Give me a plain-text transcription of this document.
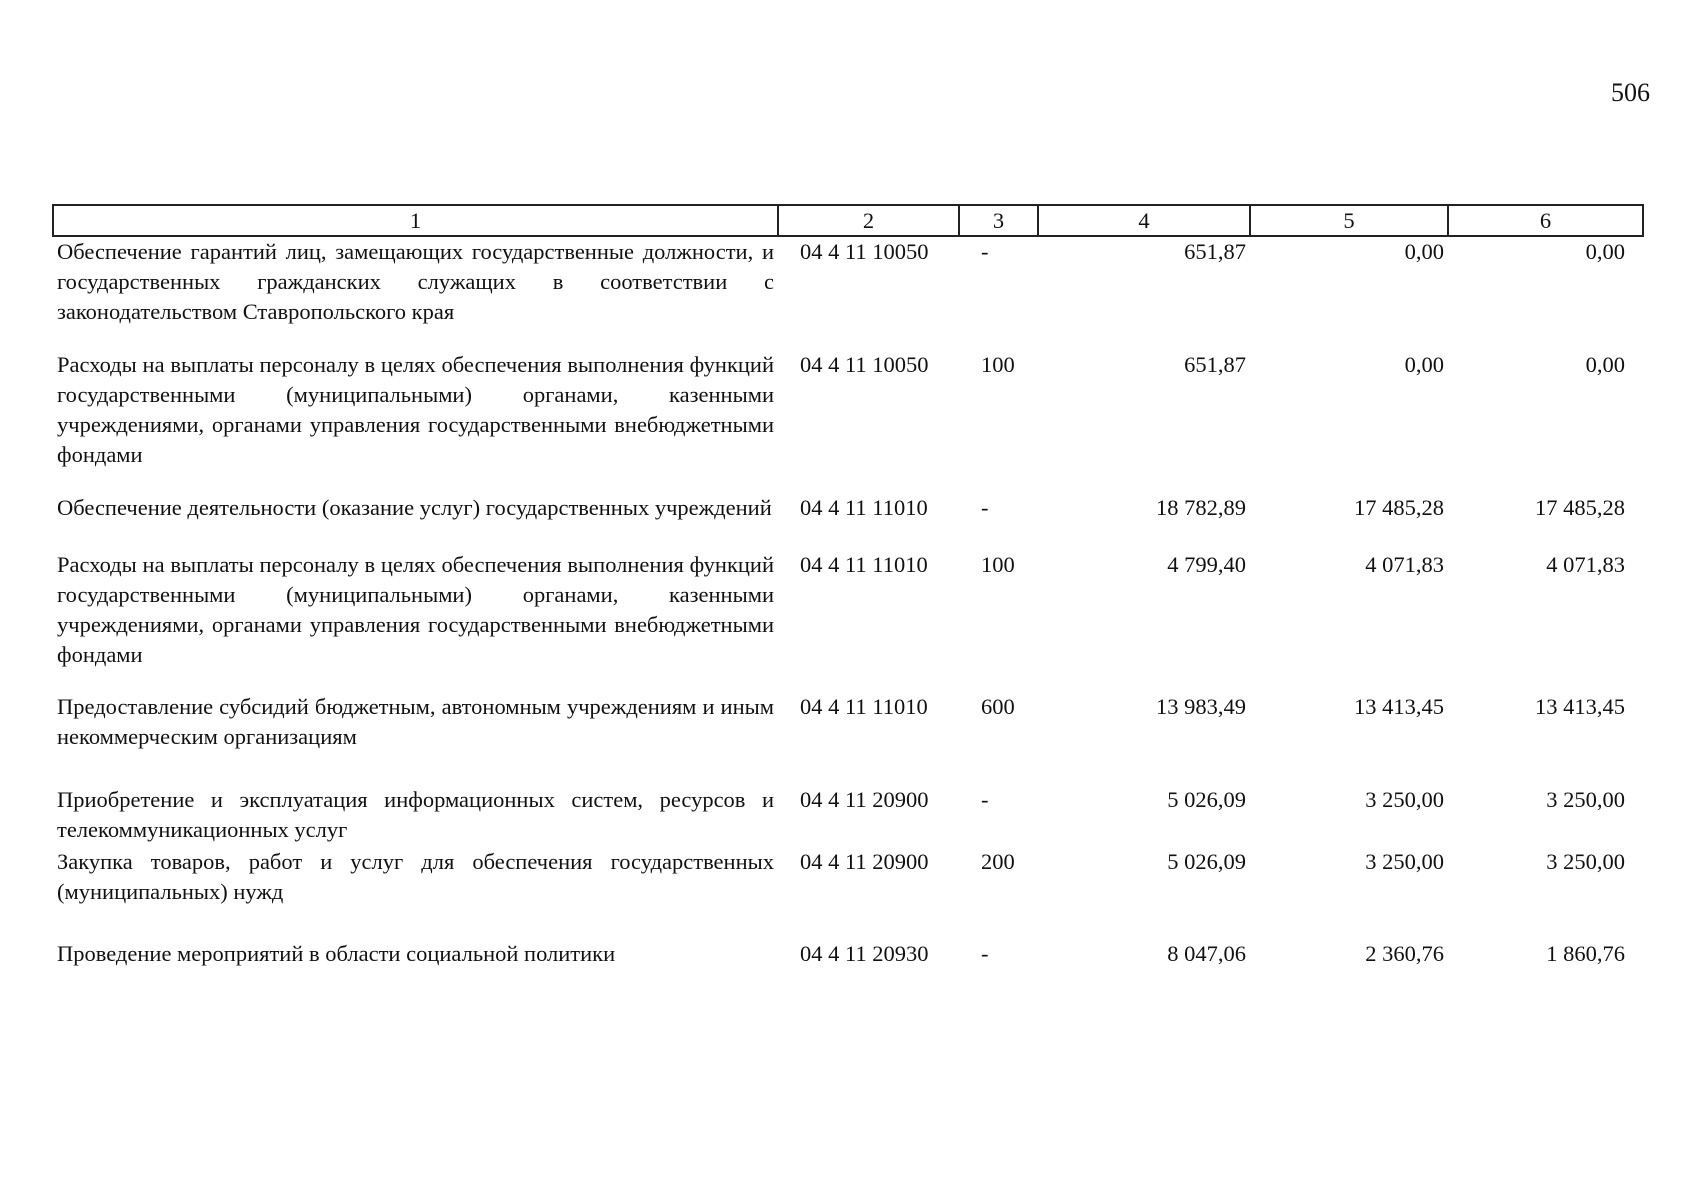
506
1	2	3	4	5	6
Обеспечение гарантий лиц, замещающих государственные должности, и государственных гражданских служащих в соответствии с законодательством Ставропольского края	04 4 11 10050	-	651,87	0,00	0,00
Расходы на выплаты персоналу в целях обеспечения выполнения функций государственными (муниципальными) органами, казенными учреждениями, органами управления государственными внебюджетными фондами	04 4 11 10050	100	651,87	0,00	0,00
Обеспечение деятельности (оказание услуг) государственных учреждений	04 4 11 11010	-	18 782,89	17 485,28	17 485,28
Расходы на выплаты персоналу в целях обеспечения выполнения функций государственными (муниципальными) органами, казенными учреждениями, органами управления государственными внебюджетными фондами	04 4 11 11010	100	4 799,40	4 071,83	4 071,83
Предоставление субсидий бюджетным, автономным учреждениям и иным некоммерческим организациям	04 4 11 11010	600	13 983,49	13 413,45	13 413,45
Приобретение и эксплуатация информационных систем, ресурсов и телекоммуникационных услуг	04 4 11 20900	-	5 026,09	3 250,00	3 250,00
Закупка товаров, работ и услуг для обеспечения государственных (муниципальных) нужд	04 4 11 20900	200	5 026,09	3 250,00	3 250,00
Проведение мероприятий в области социальной политики	04 4 11 20930	-	8 047,06	2 360,76	1 860,76
